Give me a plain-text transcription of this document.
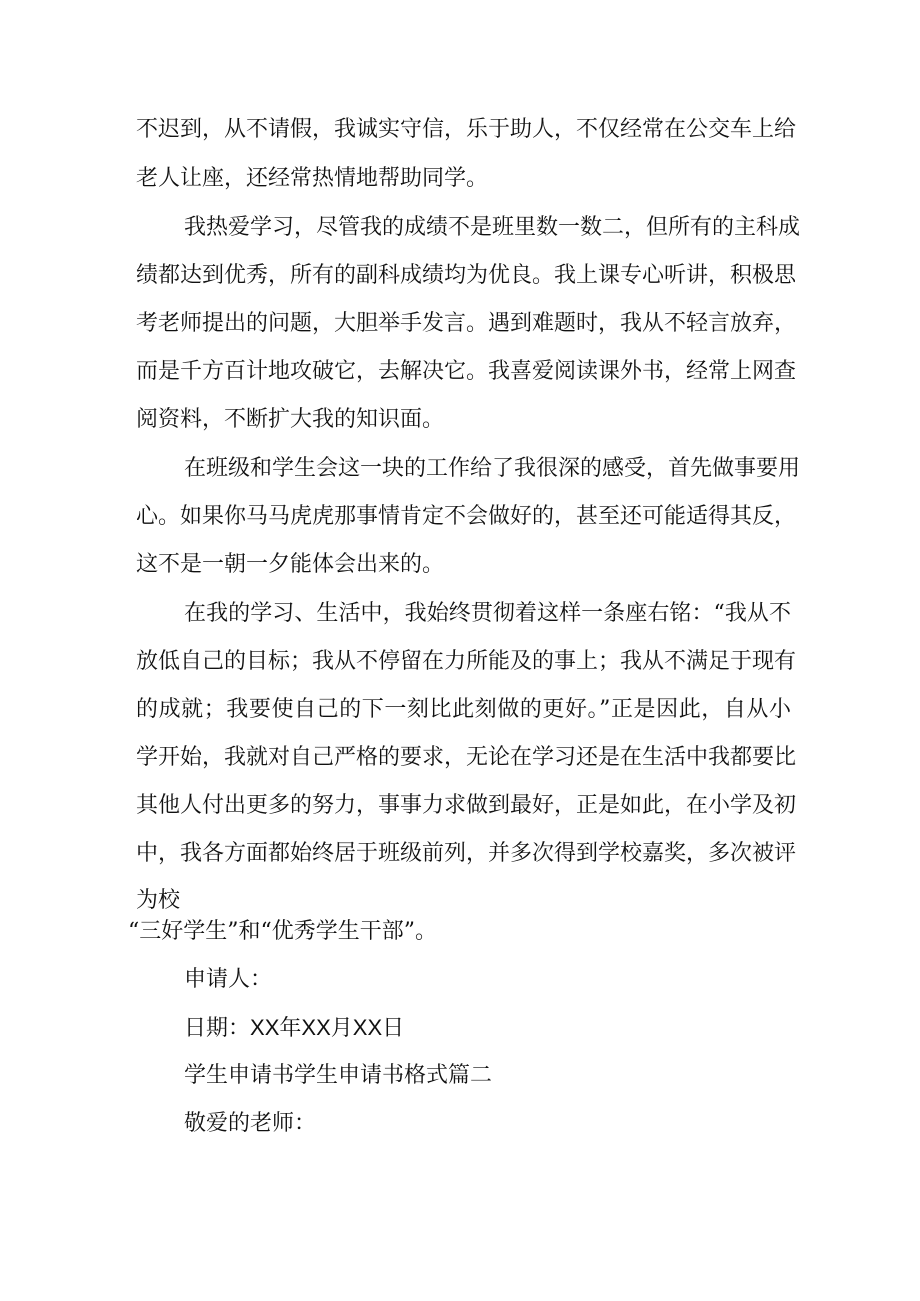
不迟到，从不请假，我诚实守信，乐于助人，不仅经常在公交车上给
老人让座，还经常热情地帮助同学。
我热爱学习，尽管我的成绩不是班里数一数二，但所有的主科成
绩都达到优秀，所有的副科成绩均为优良。我上课专心听讲，积极思
考老师提出的问题，大胆举手发言。遇到难题时，我从不轻言放弃，
而是千方百计地攻破它，去解决它。我喜爱阅读课外书，经常上网查
阅资料，不断扩大我的知识面。
在班级和学生会这一块的工作给了我很深的感受，首先做事要用
心。如果你马马虎虎那事情肯定不会做好的，甚至还可能适得其反，
这不是一朝一夕能体会出来的。
在我的学习、生活中，我始终贯彻着这样一条座右铭：“我从不
放低自己的目标；我从不停留在力所能及的事上；我从不满足于现有
的成就；我要使自己的下一刻比此刻做的更好。”正是因此，自从小
学开始，我就对自己严格的要求，无论在学习还是在生活中我都要比
其他人付出更多的努力，事事力求做到最好，正是如此，在小学及初
中，我各方面都始终居于班级前列，并多次得到学校嘉奖，多次被评
为校
“三好学生”和“优秀学生干部”。
申请人：
日期：XX年XX月XX日
学生申请书学生申请书格式篇二
敬爱的老师：
